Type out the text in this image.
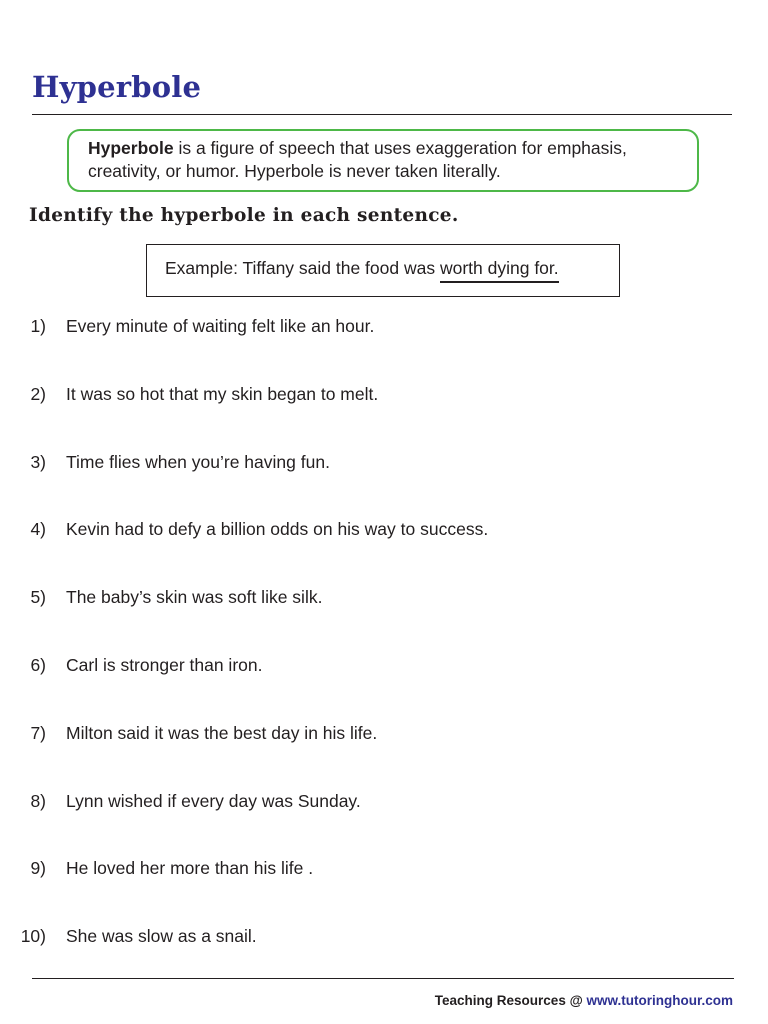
Hyperbole
Hyperbole is a figure of speech that uses exaggeration for emphasis,
creativity, or humor. Hyperbole is never taken literally.
Identify the hyperbole in each sentence.
Example: Tiffany said the food was worth dying for.
1) Every minute of waiting felt like an hour.
2) It was so hot that my skin began to melt.
3) Time flies when you’re having fun.
4) Kevin had to defy a billion odds on his way to success.
5) The baby’s skin was soft like silk.
6) Carl is stronger than iron.
7) Milton said it was the best day in his life.
8) Lynn wished if every day was Sunday.
9) He loved her more than his life .
10) She was slow as a snail.
Teaching Resources @ www.tutoringhour.com
